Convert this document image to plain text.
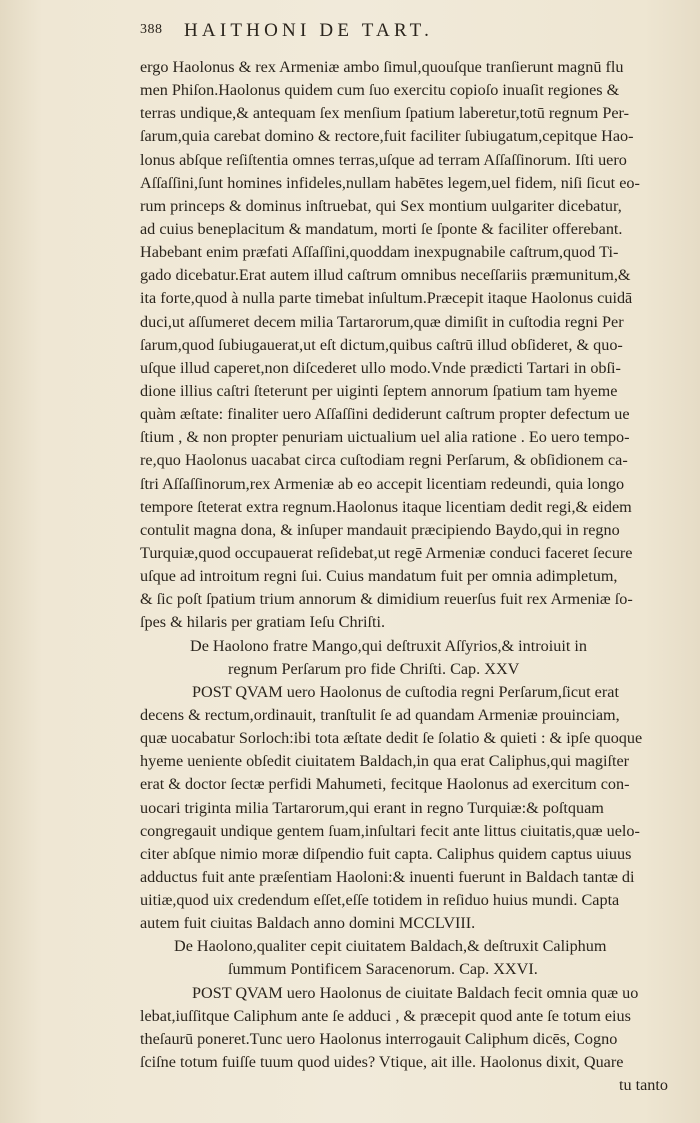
388 HAITHONI DE TART.
ergo Haolonus & rex Armeniæ ambo ſimul,quouſque tranſierunt magnū flu
men Phiſon.Haolonus quidem cum ſuo exercitu copioſo inuaſit regiones &
terras undique,& antequam ſex menſium ſpatium laberetur,totū regnum Per-
ſarum,quia carebat domino & rectore,fuit faciliter ſubiugatum,cepitque Hao-
lonus abſque reſiſtentia omnes terras,uſque ad terram Aſſaſſinorum. Iſti uero
Aſſaſſini,ſunt homines infideles,nullam habētes legem,uel fidem, niſi ſicut eo-
rum princeps & dominus inſtruebat, qui Sex montium uulgariter dicebatur,
ad cuius beneplacitum & mandatum, morti ſe ſponte & faciliter offerebant.
Habebant enim præfati Aſſaſſini,quoddam inexpugnabile caſtrum,quod Ti-
gado dicebatur.Erat autem illud caſtrum omnibus neceſſariis præmunitum,&
ita forte,quod à nulla parte timebat inſultum.Præcepit itaque Haolonus cuidā
duci,ut aſſumeret decem milia Tartarorum,quæ dimiſit in cuſtodia regni Per
ſarum,quod ſubiugauerat,ut eſt dictum,quibus caſtrū illud obſideret, & quo-
uſque illud caperet,non diſcederet ullo modo.Vnde prædicti Tartari in obſi-
dione illius caſtri ſteterunt per uiginti ſeptem annorum ſpatium tam hyeme
quàm æſtate: finaliter uero Aſſaſſini dediderunt caſtrum propter defectum ue
ſtium , & non propter penuriam uictualium uel alia ratione . Eo uero tempo-
re,quo Haolonus uacabat circa cuſtodiam regni Perſarum, & obſidionem ca-
ſtri Aſſaſſinorum,rex Armeniæ ab eo accepit licentiam redeundi, quia longo
tempore ſteterat extra regnum.Haolonus itaque licentiam dedit regi,& eidem
contulit magna dona, & inſuper mandauit præcipiendo Baydo,qui in regno
Turquiæ,quod occupauerat reſidebat,ut regē Armeniæ conduci faceret ſecure
uſque ad introitum regni ſui. Cuius mandatum fuit per omnia adimpletum,
& ſic poſt ſpatium trium annorum & dimidium reuerſus fuit rex Armeniæ ſo-
ſpes & hilaris per gratiam Ieſu Chriſti.
De Haolono fratre Mango,qui deſtruxit Aſſyrios,& introiuit in
regnum Perſarum pro fide Chriſti. Cap. XXV
POST QVAM uero Haolonus de cuſtodia regni Perſarum,ſicut erat
decens & rectum,ordinauit, tranſtulit ſe ad quandam Armeniæ prouinciam,
quæ uocabatur Sorloch:ibi tota æſtate dedit ſe ſolatio & quieti : & ipſe quoque
hyeme ueniente obſedit ciuitatem Baldach,in qua erat Caliphus,qui magiſter
erat & doctor ſectæ perfidi Mahumeti, fecitque Haolonus ad exercitum con-
uocari triginta milia Tartarorum,qui erant in regno Turquiæ:& poſtquam
congregauit undique gentem ſuam,inſultari fecit ante littus ciuitatis,quæ uelo-
citer abſque nimio moræ diſpendio fuit capta. Caliphus quidem captus uiuus
adductus fuit ante præſentiam Haoloni:& inuenti fuerunt in Baldach tantæ di
uitiæ,quod uix credendum eſſet,eſſe totidem in reſiduo huius mundi. Capta
autem fuit ciuitas Baldach anno domini MCCLVIII.
De Haolono,qualiter cepit ciuitatem Baldach,& deſtruxit Caliphum
ſummum Pontificem Saracenorum. Cap. XXVI.
POST QVAM uero Haolonus de ciuitate Baldach fecit omnia quæ uo
lebat,iuſſitque Caliphum ante ſe adduci , & præcepit quod ante ſe totum eius
theſaurū poneret.Tunc uero Haolonus interrogauit Caliphum dicēs, Cogno
ſciſne totum fuiſſe tuum quod uides? Vtique, ait ille. Haolonus dixit, Quare
tu tanto
